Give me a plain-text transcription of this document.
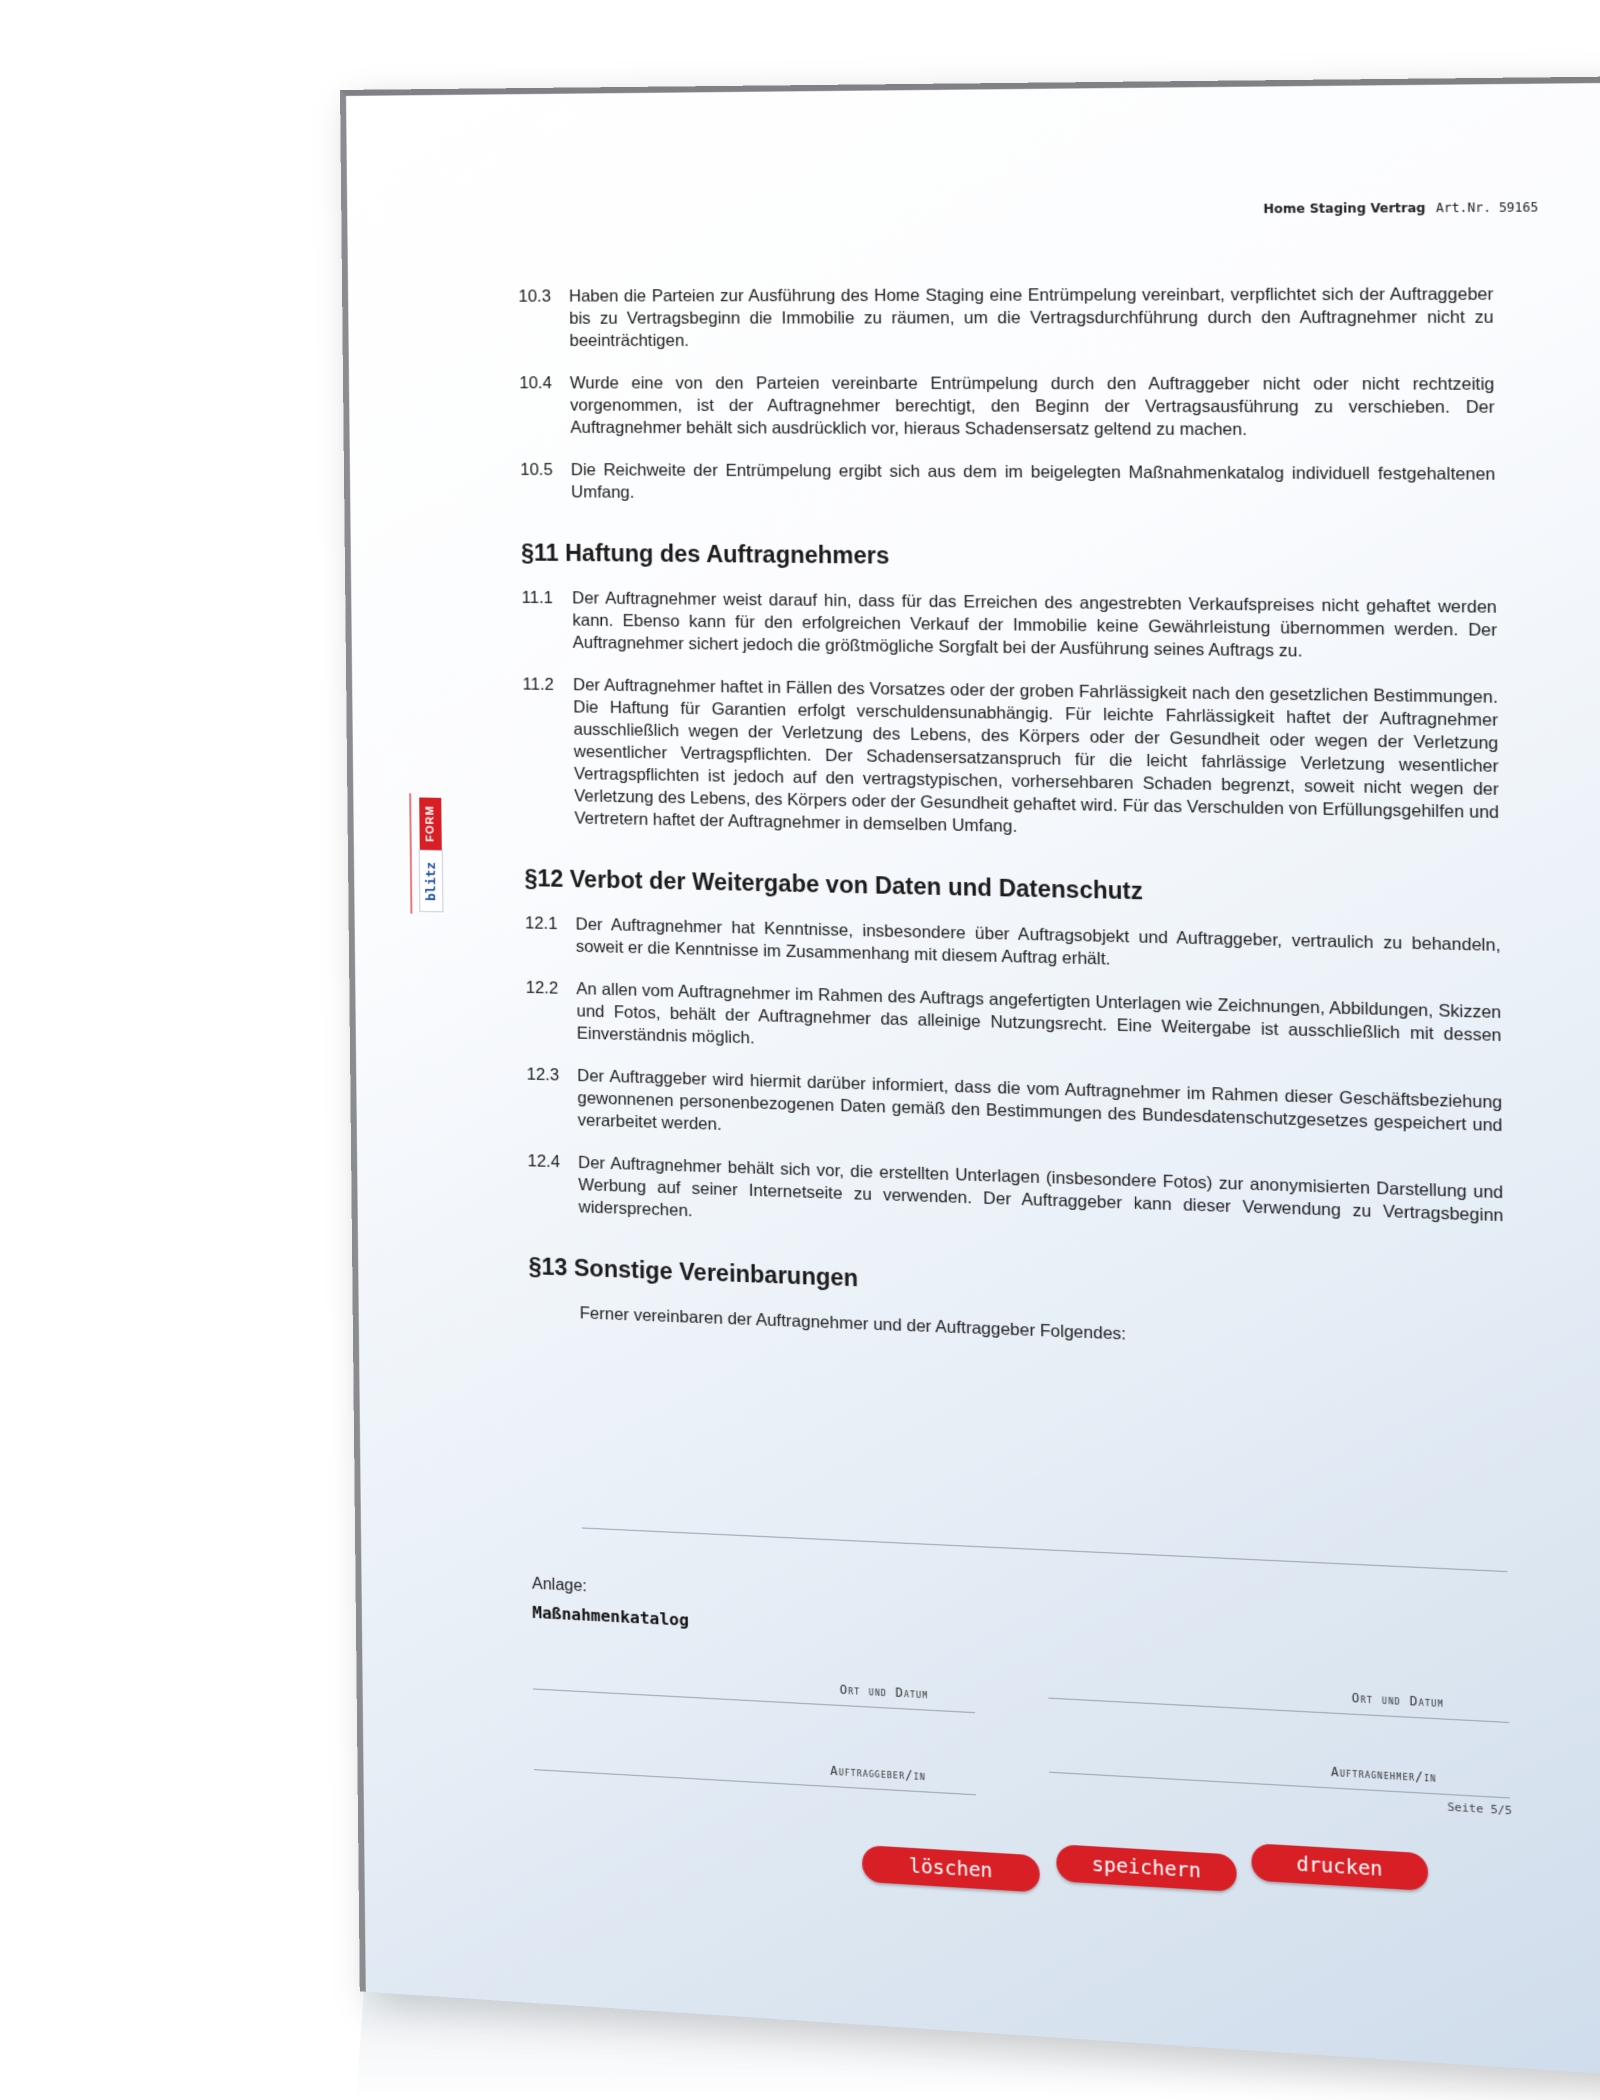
FORM
blitz
Home Staging Vertrag Art.Nr. 59165
10.3 Haben die Parteien zur Ausführung des Home Staging eine Entrümpelung vereinbart, verpflichtet sich der Auftraggeber bis zu Vertragsbeginn die Immobilie zu räumen, um die Vertragsdurchführung durch den Auftragnehmer nicht zu beeinträchtigen.
10.4 Wurde eine von den Parteien vereinbarte Entrümpelung durch den Auftraggeber nicht oder nicht rechtzeitig vorgenommen, ist der Auftragnehmer berechtigt, den Beginn der Vertragsausführung zu verschieben. Der Auftragnehmer behält sich ausdrücklich vor, hieraus Schadensersatz geltend zu machen.
10.5 Die Reichweite der Entrümpelung ergibt sich aus dem im beigelegten Maßnahmenkatalog individuell festgehaltenen Umfang.
§11 Haftung des Auftragnehmers
11.1 Der Auftragnehmer weist darauf hin, dass für das Erreichen des angestrebten Verkaufspreises nicht gehaftet werden kann. Ebenso kann für den erfolgreichen Verkauf der Immobilie keine Gewährleistung übernommen werden. Der Auftragnehmer sichert jedoch die größtmögliche Sorgfalt bei der Ausführung seines Auftrags zu.
11.2 Der Auftragnehmer haftet in Fällen des Vorsatzes oder der groben Fahrlässigkeit nach den gesetzlichen Bestimmungen. Die Haftung für Garantien erfolgt verschuldensunabhängig. Für leichte Fahrlässigkeit haftet der Auftragnehmer ausschließlich wegen der Verletzung des Lebens, des Körpers oder der Gesundheit oder wegen der Verletzung wesentlicher Vertragspflichten. Der Schadensersatzanspruch für die leicht fahrlässige Verletzung wesentlicher Vertragspflichten ist jedoch auf den vertragstypischen, vorhersehbaren Schaden begrenzt, soweit nicht wegen der Verletzung des Lebens, des Körpers oder der Gesundheit gehaftet wird. Für das Verschulden von Erfüllungsgehilfen und Vertretern haftet der Auftragnehmer in demselben Umfang.
§12 Verbot der Weitergabe von Daten und Datenschutz
12.1 Der Auftragnehmer hat Kenntnisse, insbesondere über Auftragsobjekt und Auftraggeber, vertraulich zu behandeln, soweit er die Kenntnisse im Zusammenhang mit diesem Auftrag erhält.
12.2 An allen vom Auftragnehmer im Rahmen des Auftrags angefertigten Unterlagen wie Zeichnungen, Abbildungen, Skizzen und Fotos, behält der Auftragnehmer das alleinige Nutzungsrecht. Eine Weitergabe ist ausschließlich mit dessen Einverständnis möglich.
12.3 Der Auftraggeber wird hiermit darüber informiert, dass die vom Auftragnehmer im Rahmen dieser Geschäftsbeziehung gewonnenen personenbezogenen Daten gemäß den Bestimmungen des Bundesdatenschutzgesetzes gespeichert und verarbeitet werden.
12.4 Der Auftragnehmer behält sich vor, die erstellten Unterlagen (insbesondere Fotos) zur anonymisierten Darstellung und Werbung auf seiner Internetseite zu verwenden. Der Auftraggeber kann dieser Verwendung zu Vertragsbeginn widersprechen.
§13 Sonstige Vereinbarungen
Ferner vereinbaren der Auftragnehmer und der Auftraggeber Folgendes:
Anlage:
Maßnahmenkatalog
Ort und Datum	Ort und Datum
Auftraggeber/in	Auftragnehmer/in
Seite 5/5
löschen	speichern	drucken
